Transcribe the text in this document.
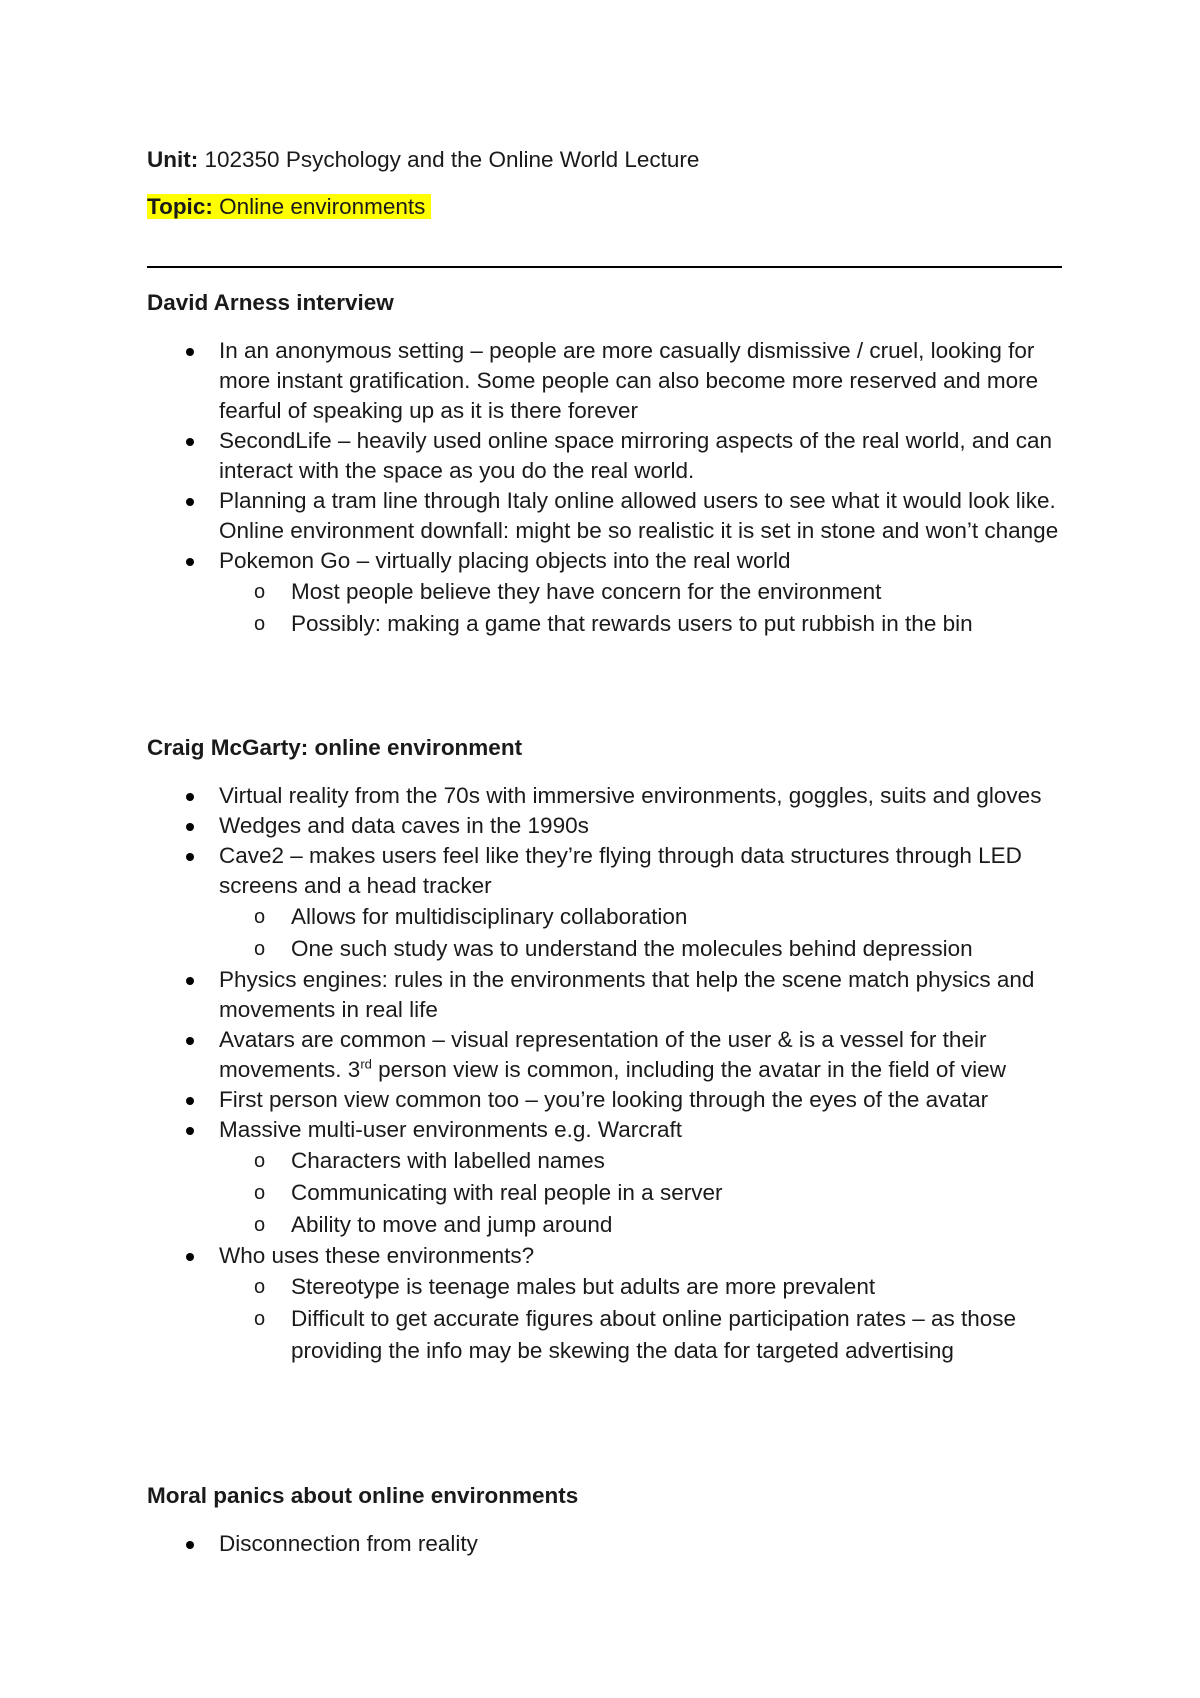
Unit: 102350 Psychology and the Online World Lecture

Topic: Online environments

David Arness interview
In an anonymous setting – people are more casually dismissive / cruel, looking for more instant gratification. Some people can also become more reserved and more fearful of speaking up as it is there forever
SecondLife – heavily used online space mirroring aspects of the real world, and can interact with the space as you do the real world.
Planning a tram line through Italy online allowed users to see what it would look like. Online environment downfall: might be so realistic it is set in stone and won’t change
Pokemon Go – virtually placing objects into the real world
o Most people believe they have concern for the environment
o Possibly: making a game that rewards users to put rubbish in the bin
Craig McGarty: online environment
Virtual reality from the 70s with immersive environments, goggles, suits and gloves
Wedges and data caves in the 1990s
Cave2 – makes users feel like they’re flying through data structures through LED screens and a head tracker
o Allows for multidisciplinary collaboration
o One such study was to understand the molecules behind depression
Physics engines: rules in the environments that help the scene match physics and movements in real life
Avatars are common – visual representation of the user & is a vessel for their movements. 3rd person view is common, including the avatar in the field of view
First person view common too – you’re looking through the eyes of the avatar
Massive multi-user environments e.g. Warcraft
o Characters with labelled names
o Communicating with real people in a server
o Ability to move and jump around
Who uses these environments?
o Stereotype is teenage males but adults are more prevalent
o Difficult to get accurate figures about online participation rates – as those providing the info may be skewing the data for targeted advertising
Moral panics about online environments
Disconnection from reality
